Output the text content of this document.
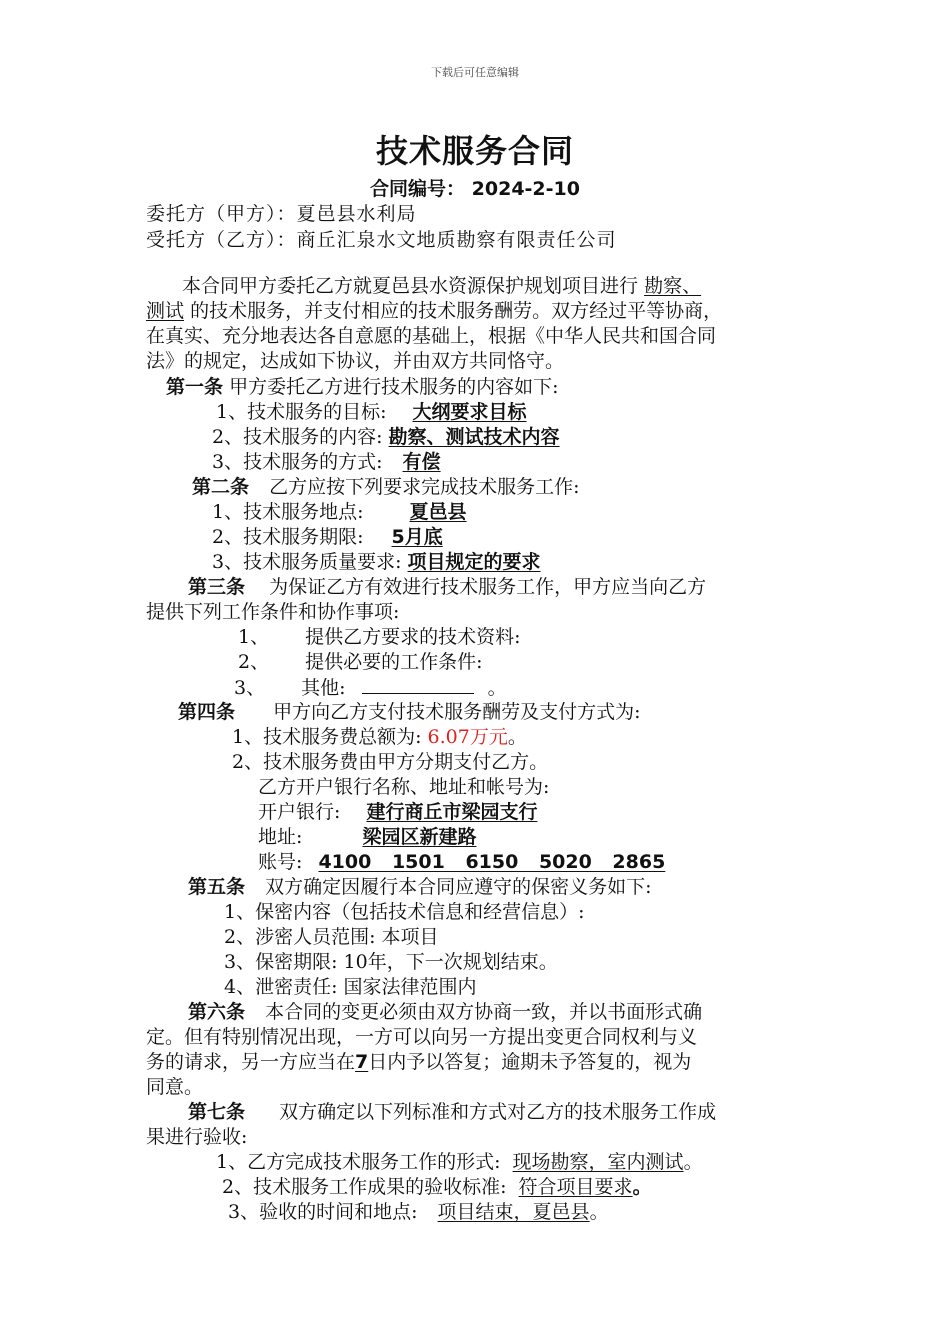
下载后可任意编辑
技术服务合同
合同编号： 2024-2-10
委托方（甲方）：夏邑县水利局
受托方（乙方）：商丘汇泉水文地质勘察有限责任公司
本合同甲方委托乙方就夏邑县水资源保护规划项目进行 勘察、
测试 的技术服务，并支付相应的技术服务酬劳。双方经过平等协商，
在真实、充分地表达各自意愿的基础上，根据《中华人民共和国合同
法》的规定，达成如下协议，并由双方共同恪守。
第一条 甲方委托乙方进行技术服务的内容如下:
1、技术服务的目标: 大纲要求目标
2、技术服务的内容: 勘察、测试技术内容
3、技术服务的方式: 有偿
第二条 乙方应按下列要求完成技术服务工作:
1、技术服务地点: 夏邑县
2、技术服务期限: 5月底
3、技术服务质量要求: 项目规定的要求
第三条 为保证乙方有效进行技术服务工作，甲方应当向乙方
提供下列工作条件和协作事项:
1、 提供乙方要求的技术资料:
2、 提供必要的工作条件:
3、 其他:	。
第四条 甲方向乙方支付技术服务酬劳及支付方式为:
1、技术服务费总额为: 6.07万元。
2、技术服务费由甲方分期支付乙方。
乙方开户银行名称、地址和帐号为:
开户银行: 建行商丘市梁园支行
地址:	梁园区新建路
账号: 4100 1501 6150 5020 2865
第五条 双方确定因履行本合同应遵守的保密义务如下:
1、保密内容（包括技术信息和经营信息）:
2、涉密人员范围: 本项目
3、保密期限: 10年，下一次规划结束。
4、泄密责任: 国家法律范围内
第六条 本合同的变更必须由双方协商一致，并以书面形式确
定。但有特别情况出现，一方可以向另一方提出变更合同权利与义
务的请求，另一方应当在7日内予以答复；逾期未予答复的，视为
同意。
第七条 双方确定以下列标准和方式对乙方的技术服务工作成
果进行验收:
1、乙方完成技术服务工作的形式: 现场勘察，室内测试。
2、技术服务工作成果的验收标准: 符合项目要求。
3、验收的时间和地点: 项目结束，夏邑县。
